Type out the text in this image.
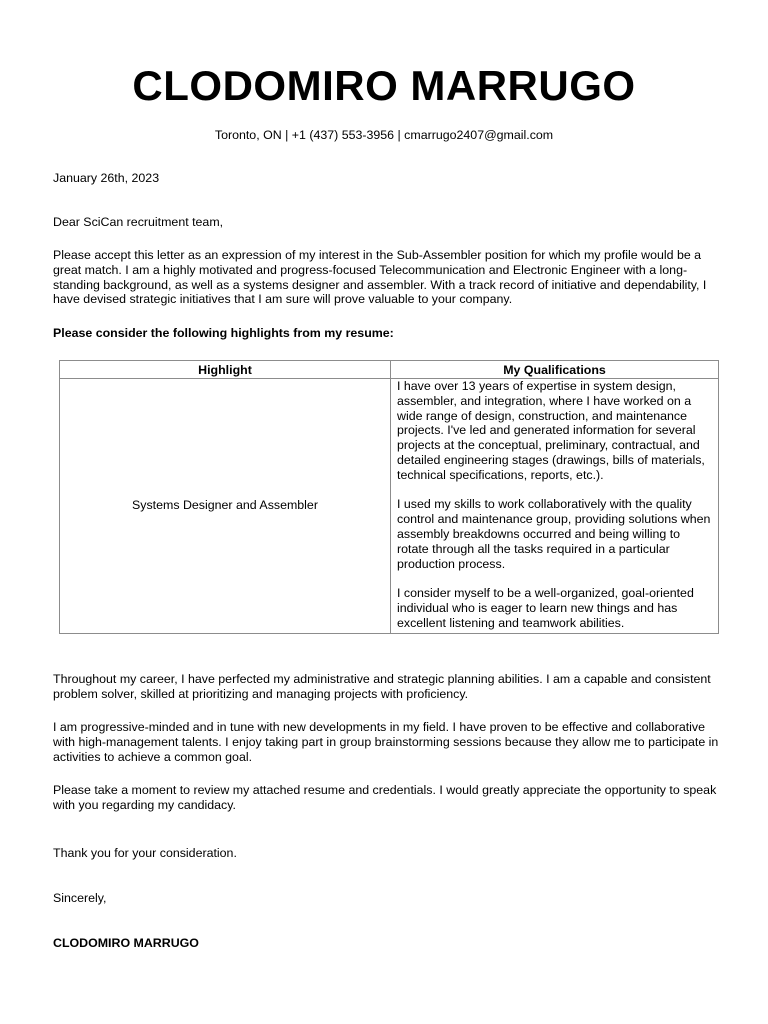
CLODOMIRO MARRUGO
Toronto, ON | +1 (437) 553-3956 | cmarrugo2407@gmail.com
January 26th, 2023
Dear SciCan recruitment team,
Please accept this letter as an expression of my interest in the Sub-Assembler position for which my profile would be a great match. I am a highly motivated and progress-focused Telecommunication and Electronic Engineer with a long-standing background, as well as a systems designer and assembler. With a track record of initiative and dependability, I have devised strategic initiatives that I am sure will prove valuable to your company.
Please consider the following highlights from my resume:
Highlight	My Qualifications
Systems Designer and Assembler	I have over 13 years of expertise in system design, assembler, and integration, where I have worked on a wide range of design, construction, and maintenance projects. I've led and generated information for several projects at the conceptual, preliminary, contractual, and detailed engineering stages (drawings, bills of materials, technical specifications, reports, etc.).

I used my skills to work collaboratively with the quality control and maintenance group, providing solutions when assembly breakdowns occurred and being willing to rotate through all the tasks required in a particular production process.

I consider myself to be a well-organized, goal-oriented individual who is eager to learn new things and has excellent listening and teamwork abilities.

Throughout my career, I have perfected my administrative and strategic planning abilities. I am a capable and consistent problem solver, skilled at prioritizing and managing projects with proficiency.
I am progressive-minded and in tune with new developments in my field. I have proven to be effective and collaborative with high-management talents. I enjoy taking part in group brainstorming sessions because they allow me to participate in activities to achieve a common goal.
Please take a moment to review my attached resume and credentials. I would greatly appreciate the opportunity to speak with you regarding my candidacy.
Thank you for your consideration.
Sincerely,
CLODOMIRO MARRUGO
